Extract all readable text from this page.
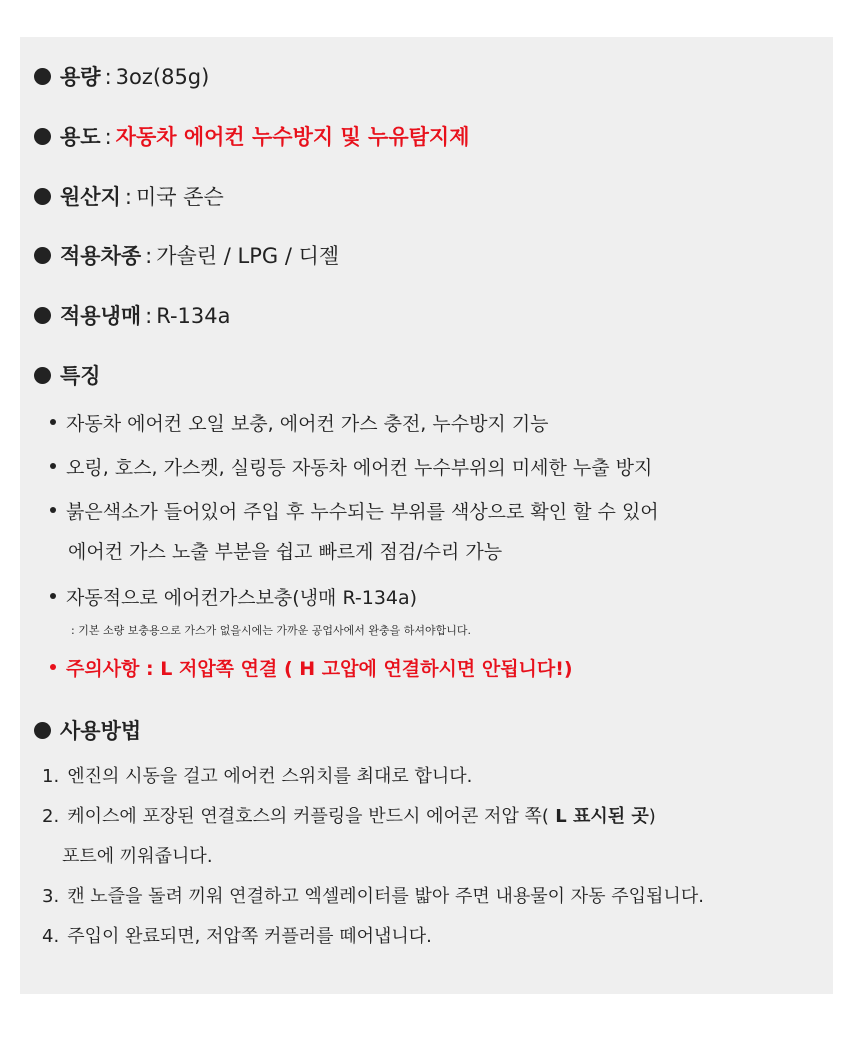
용량 : 3oz(85g)
용도 : 자동차 에어컨 누수방지 및 누유탐지제
원산지 : 미국 존슨
적용차종 : 가솔린 / LPG / 디젤
적용냉매 : R-134a
특징
자동차 에어컨 오일 보충, 에어컨 가스 충전, 누수방지 기능
오링, 호스, 가스켓, 실링등 자동차 에어컨 누수부위의 미세한 누출 방지
붉은색소가 들어있어 주입 후 누수되는 부위를 색상으로 확인 할 수 있어
에어컨 가스 노출 부분을 쉽고 빠르게 점검/수리 가능
자동적으로 에어컨가스보충(냉매 R-134a)
: 기본 소량 보충용으로 가스가 없을시에는 가까운 공업사에서 완충을 하셔야합니다.
주의사항 : L 저압쪽 연결 ( H 고압에 연결하시면 안됩니다!)
사용방법
1. 엔진의 시동을 걸고 에어컨 스위치를 최대로 합니다.
2. 케이스에 포장된 연결호스의 커플링을 반드시 에어콘 저압 쪽( L 표시된 곳)
포트에 끼워줍니다.
3. 캔 노즐을 돌려 끼워 연결하고 엑셀레이터를 밟아 주면 내용물이 자동 주입됩니다.
4. 주입이 완료되면, 저압쪽 커플러를 떼어냅니다.
